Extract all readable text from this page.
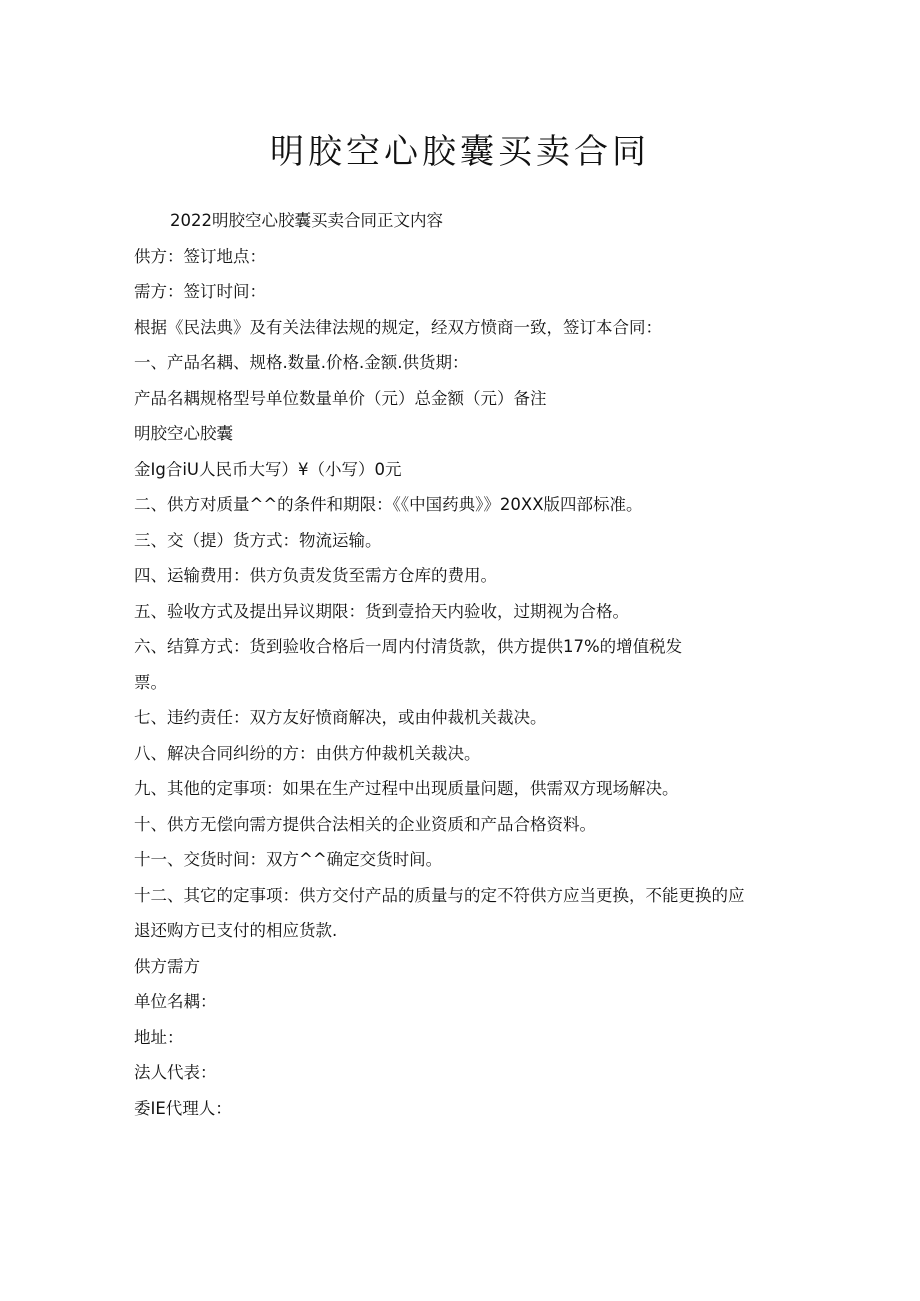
明胶空心胶囊买卖合同

2022明胶空心胶囊买卖合同正文内容

供方：签订地点：

需方：签订时间：

根据《民法典》及有关法律法规的规定，经双方愤商一致，签订本合同：

一、产品名耦、规格.数量.价格.金额.供货期：

产品名耦规格型号单位数量单价（元）总金额（元）备注

明胶空心胶囊

金Ig合iU人民币大写）¥（小写）0元

二、供方对质量^^的条件和期限：《《中国药典》》20XX版四部标准。

三、交（提）货方式：物流运输。

四、运输费用：供方负责发货至需方仓库的费用。

五、验收方式及提出异议期限：货到壹拾天内验收，过期视为合格。

六、结算方式：货到验收合格后一周内付清货款，供方提供17%的增值税发

票。

七、违约责任：双方友好愤商解决，或由仲裁机关裁决。

八、解决合同纠纷的方：由供方仲裁机关裁决。

九、其他的定事项：如果在生产过程中出现质量问题，供需双方现场解决。

十、供方无偿向需方提供合法相关的企业资质和产品合格资料。

十一、交货时间：双方^^确定交货时间。

十二、其它的定事项：供方交付产品的质量与的定不符供方应当更换，不能更换的应

退还购方已支付的相应货款.

供方需方

单位名耦：

地址：

法人代表：

委IE代理人：
